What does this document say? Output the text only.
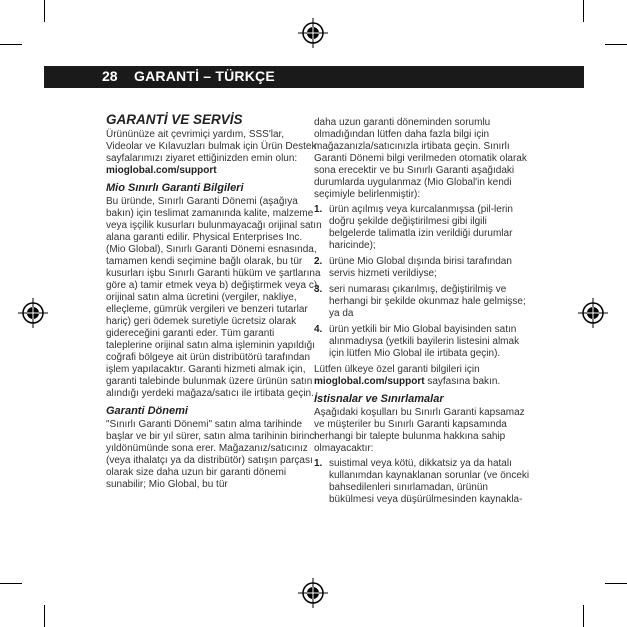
28 GARANTİ – TÜRKÇE
GARANTİ VE SERVİS

Ürününüze ait çevrimiçi yardım, SSS'lar, Videolar ve Kılavuzları bulmak için Ürün Destek sayfalarımızı ziyaret ettiğinizden emin olun: mioglobal.com/support

Mio Sınırlı Garanti Bilgileri

Bu üründe, Sınırlı Garanti Dönemi (aşağıya bakın) için teslimat zamanında kalite, malzeme veya işçilik kusurları bulunmayacağı orijinal satın alana garanti edilir. Physical Enterprises Inc. (Mio Global), Sınırlı Garanti Dönemi esnasında, tamamen kendi seçimine bağlı olarak, bu tür kusurları işbu Sınırlı Garanti hüküm ve şartlarına göre a) tamir etmek veya b) değiştirmek veya c) orijinal satın alma ücretini (vergiler, nakliye, elleçleme, gümrük vergileri ve benzeri tutarlar hariç) geri ödemek suretiyle ücretsiz olarak gidereceğini garanti eder. Tüm garanti taleplerine orijinal satın alma işleminin yapıldığı coğrafi bölgeye ait ürün distribütörü tarafından işlem yapılacaktır. Garanti hizmeti almak için, garanti talebinde bulunmak üzere ürünün satın alındığı yerdeki mağaza/satıcı ile irtibata geçin.

Garanti Dönemi

"Sınırlı Garanti Dönemi" satın alma tarihinde başlar ve bir yıl sürer, satın alma tarihinin birinci yıldönümünde sona erer. Mağazanız/satıcınız (veya ithalatçı ya da distribütör) satışın parçası olarak size daha uzun bir garanti dönemi sunabilir; Mio Global, bu tür

daha uzun garanti döneminden sorumlu olmadığından lütfen daha fazla bilgi için mağazanızla/satıcınızla irtibata geçin. Sınırlı Garanti Dönemi bilgi verilmeden otomatik olarak sona erecektir ve bu Sınırlı Garanti aşağıdaki durumlarda uygulanmaz (Mio Global'in kendi seçimiyle belirlenmiştir):

1. ürün açılmış veya kurcalanmışsa (pil-lerin doğru şekilde değiştirilmesi gibi ilgili belgelerde talimatla izin verildiği durumlar haricinde);
2. ürüne Mio Global dışında birisi tarafından servis hizmeti verildiyse;
3. seri numarası çıkarılmış, değiştirilmiş ve herhangi bir şekilde okunmaz hale gelmişse; ya da
4. ürün yetkili bir Mio Global bayisinden satın alınmadıysa (yetkili bayilerin listesini almak için lütfen Mio Global ile irtibata geçin).

Lütfen ülkeye özel garanti bilgileri için mioglobal.com/support sayfasına bakın.

İstisnalar ve Sınırlamalar

Aşağıdaki koşulları bu Sınırlı Garanti kapsamaz ve müşteriler bu Sınırlı Garanti kapsamında herhangi bir talepte bulunma hakkına sahip olmayacaktır:

1. suistimal veya kötü, dikkatsiz ya da hatalı kullanımdan kaynaklanan sorunlar (ve önceki bahsedilenleri sınırlamadan, ürünün bükülmesi veya düşürülmesinden kaynakla-
